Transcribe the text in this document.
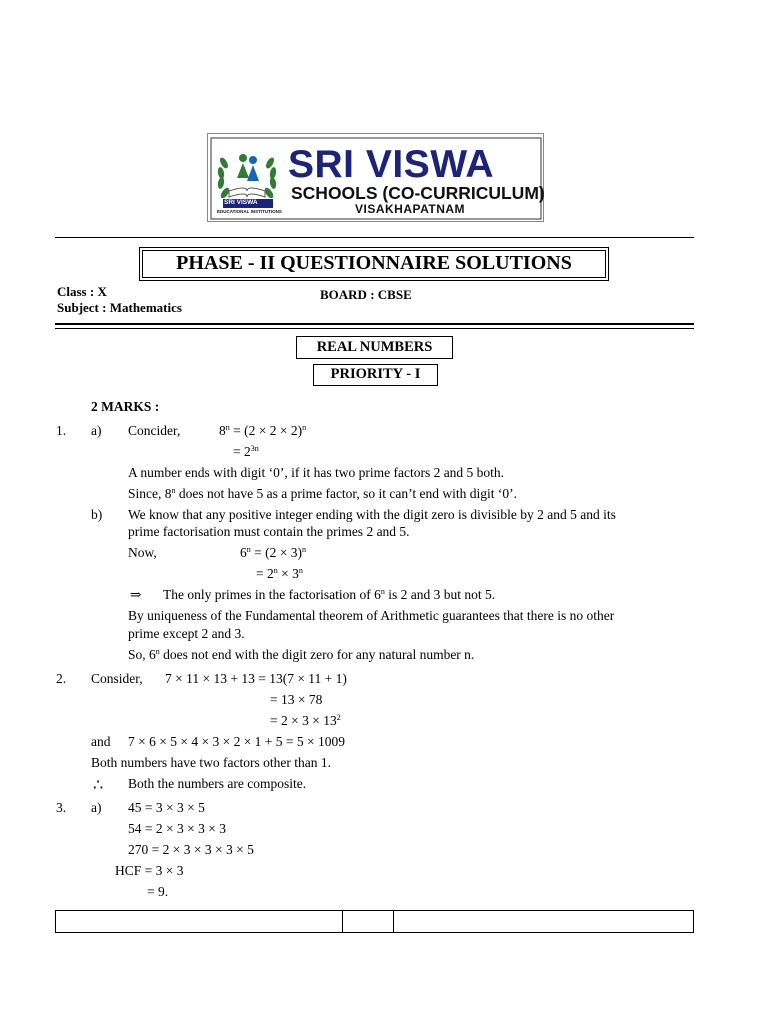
SRI VISWA
SCHOOLS (CO-CURRICULUM)
VISAKHAPATNAM
SRI VISWA
EDUCATIONAL INSTITUTIONS
PHASE - II QUESTIONNAIRE SOLUTIONS
Class : X	BOARD : CBSE
Subject : Mathematics
REAL NUMBERS
PRIORITY - I
2 MARKS :
1. a) Concider,	$8^n = (2 \times 2 \times 2)^n$
= $2^{3n}$
A number ends with digit ‘0’, if it has two prime factors 2 and 5 both.
Since, 8$^n$ does not have 5 as a prime factor, so it can’t end with digit ‘0’.
b) We know that any positive integer ending with the digit zero is divisible by 2 and 5 and its
prime factorisation must contain the primes 2 and 5.
Now,	$6^n = (2 \times 3)^n$
= $2^n \times 3^n$
⇒ The only primes in the factorisation of 6$^n$ is 2 and 3 but not 5.
By uniqueness of the Fundamental theorem of Arithmetic guarantees that there is no other
prime except 2 and 3.
So, 6$^n$ does not end with the digit zero for any natural number n.
2. Consider, 7 × 11 × 13 + 13 = 13(7 × 11 + 1)
= 13 × 78
= $2 \times 3 \times 13^2$
and 7 × 6 × 5 × 4 × 3 × 2 × 1 + 5 = 5 × 1009
Both numbers have two factors other than 1.
∴ Both the numbers are composite.
3. a) 45 = 3 × 3 × 5
54 = 2 × 3 × 3 × 3
270 = 2 × 3 × 3 × 3 × 5
HCF = 3 × 3
= 9.
